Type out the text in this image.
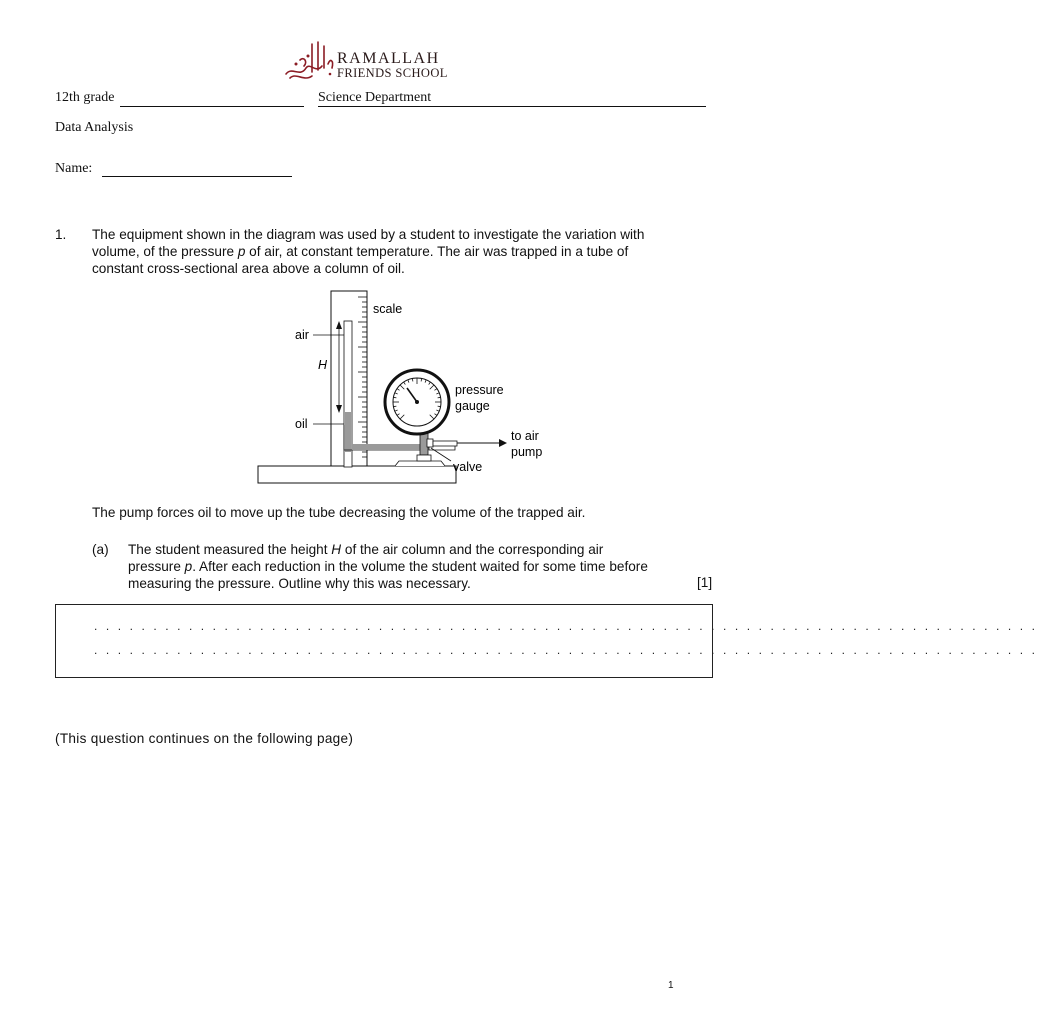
RAMALLAH
FRIENDS SCHOOL
12th grade	Science Department
Data Analysis
Name:
1. The equipment shown in the diagram was used by a student to investigate the variation with
volume, of the pressure p of air, at constant temperature. The air was trapped in a tube of
constant cross-sectional area above a column of oil.
scale
air
H
oil
pressure
gauge
to air
pump
valve
The pump forces oil to move up the tube decreasing the volume of the trapped air.
(a) The student measured the height H of the air column and the corresponding air
pressure p. After each reduction in the volume the student waited for some time before
measuring the pressure. Outline why this was necessary.	[1]
. . . . . . . . . . . . . . . . . . . . . . . . . . . . . . . . . . . . . . . . . . . . . . . . . . . . . . . . . . . . . . . . . . . . . . . . . . . . . . . .
. . . . . . . . . . . . . . . . . . . . . . . . . . . . . . . . . . . . . . . . . . . . . . . . . . . . . . . . . . . . . . . . . . . . . . . . . . . . . . . .
(This question continues on the following page)
1
